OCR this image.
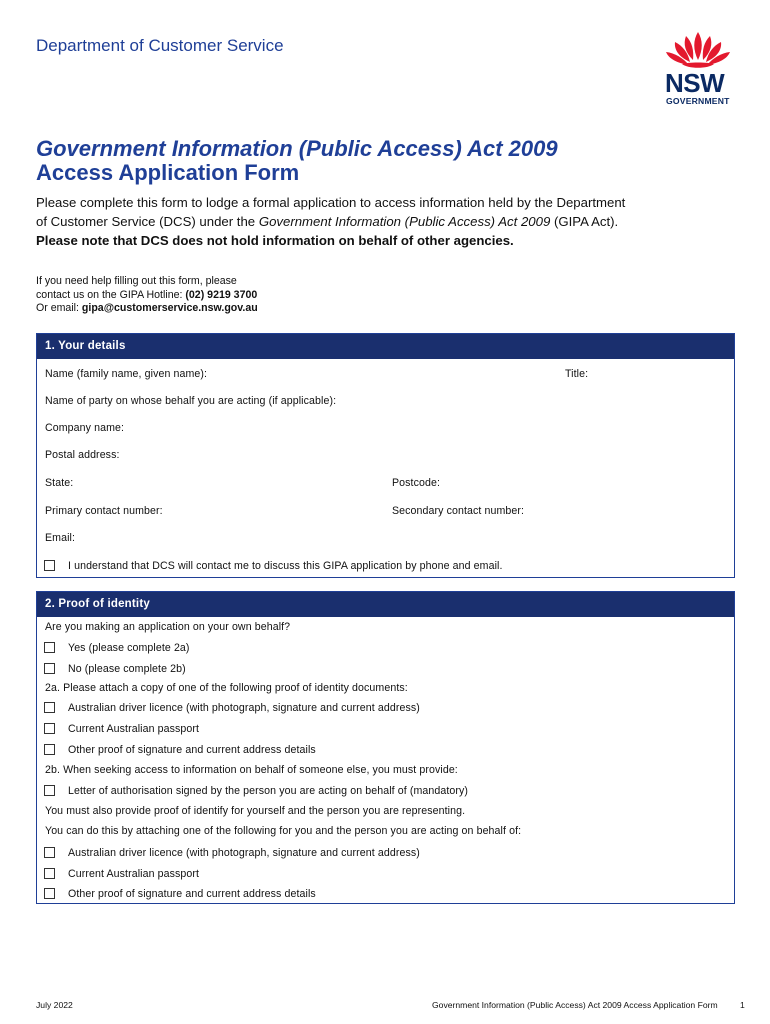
Department of Customer Service
NSW
GOVERNMENT
Government Information (Public Access) Act 2009
Access Application Form
Please complete this form to lodge a formal application to access information held by the Department of Customer Service (DCS) under the Government Information (Public Access) Act 2009 (GIPA Act). Please note that DCS does not hold information on behalf of other agencies.
If you need help filling out this form, please
contact us on the GIPA Hotline: (02) 9219 3700
Or email: gipa@customerservice.nsw.gov.au
1. Your details
Name (family name, given name):	Title:
Name of party on whose behalf you are acting (if applicable):
Company name:
Postal address:
State:	Postcode:
Primary contact number:	Secondary contact number:
Email:
I understand that DCS will contact me to discuss this GIPA application by phone and email.
2. Proof of identity
Are you making an application on your own behalf?
Yes (please complete 2a)
No (please complete 2b)
2a. Please attach a copy of one of the following proof of identity documents:
Australian driver licence (with photograph, signature and current address)
Current Australian passport
Other proof of signature and current address details
2b. When seeking access to information on behalf of someone else, you must provide:
Letter of authorisation signed by the person you are acting on behalf of (mandatory)
You must also provide proof of identify for yourself and the person you are representing.
You can do this by attaching one of the following for you and the person you are acting on behalf of:
Australian driver licence (with photograph, signature and current address)
Current Australian passport
Other proof of signature and current address details
July 2022	Government Information (Public Access) Act 2009 Access Application Form	1
